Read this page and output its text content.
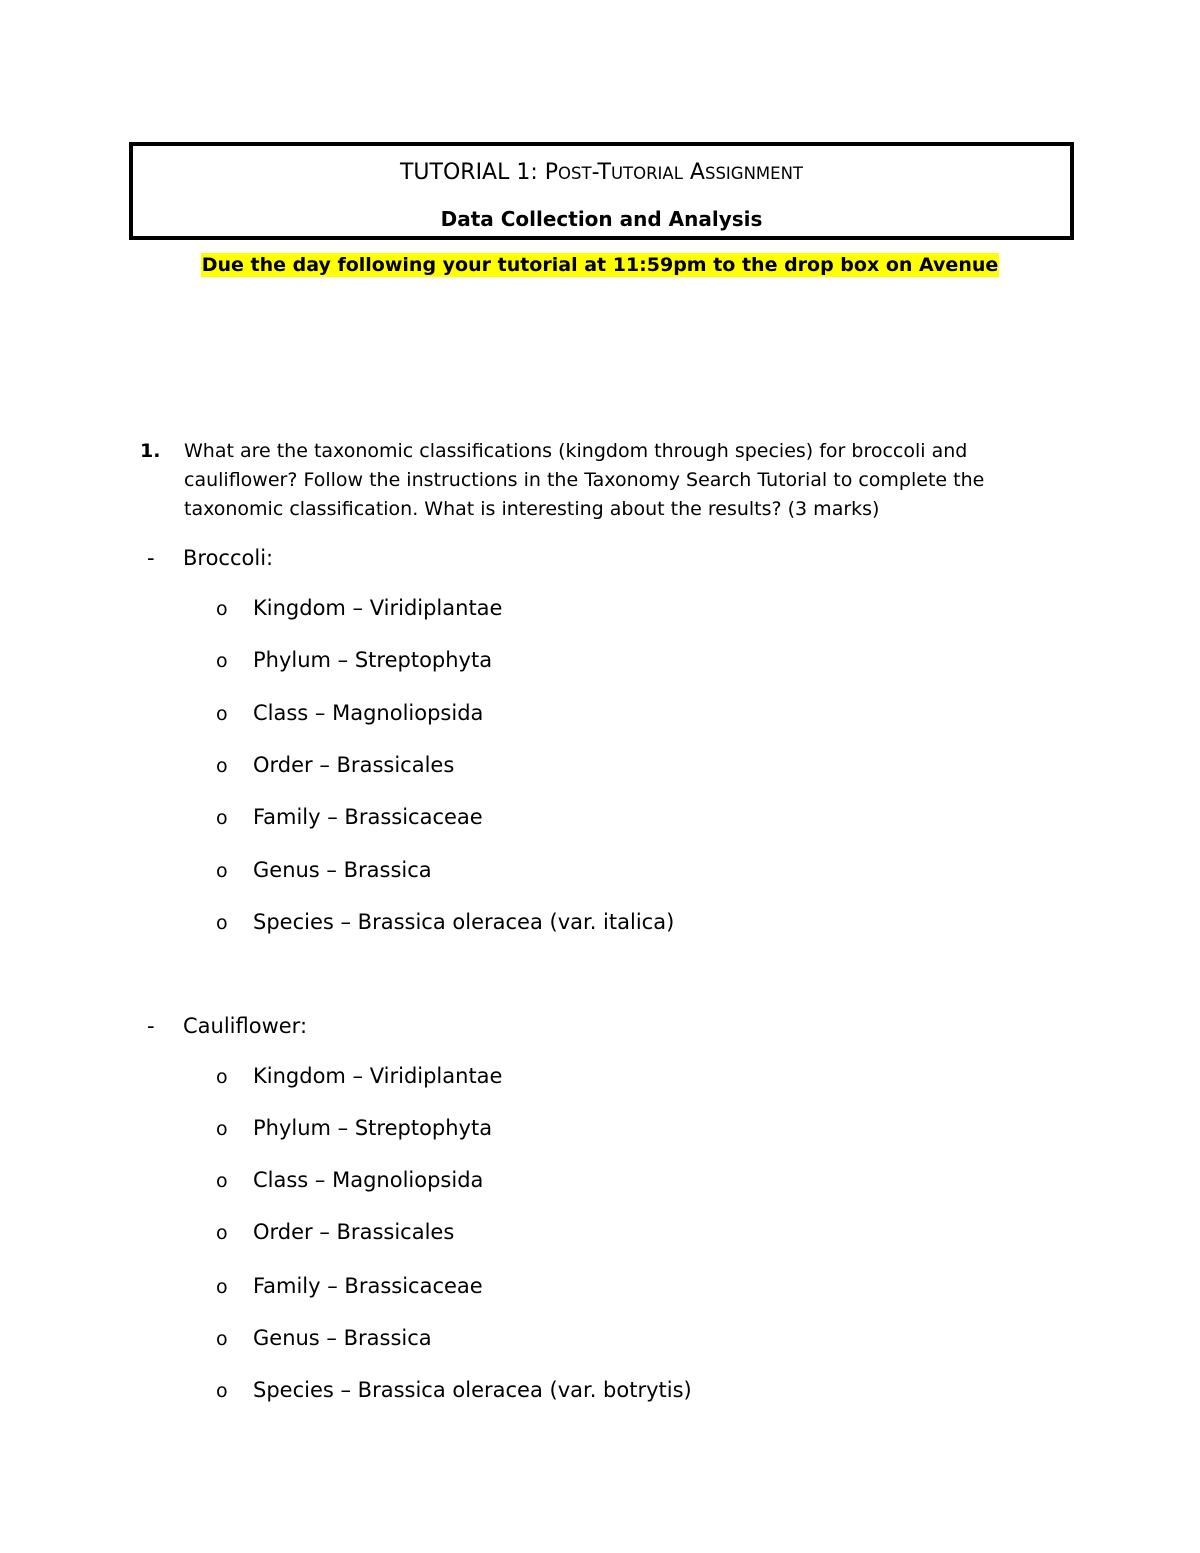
TUTORIAL 1: POST-TUTORIAL ASSIGNMENT
Data Collection and Analysis
Due the day following your tutorial at 11:59pm to the drop box on Avenue
1. What are the taxonomic classifications (kingdom through species) for broccoli and cauliflower? Follow the instructions in the Taxonomy Search Tutorial to complete the taxonomic classification. What is interesting about the results? (3 marks)
- Broccoli:
o Kingdom – Viridiplantae
o Phylum – Streptophyta
o Class – Magnoliopsida
o Order – Brassicales
o Family – Brassicaceae
o Genus – Brassica
o Species – Brassica oleracea (var. italica)
- Cauliflower:
o Kingdom – Viridiplantae
o Phylum – Streptophyta
o Class – Magnoliopsida
o Order – Brassicales
o Family – Brassicaceae
o Genus – Brassica
o Species – Brassica oleracea (var. botrytis)
